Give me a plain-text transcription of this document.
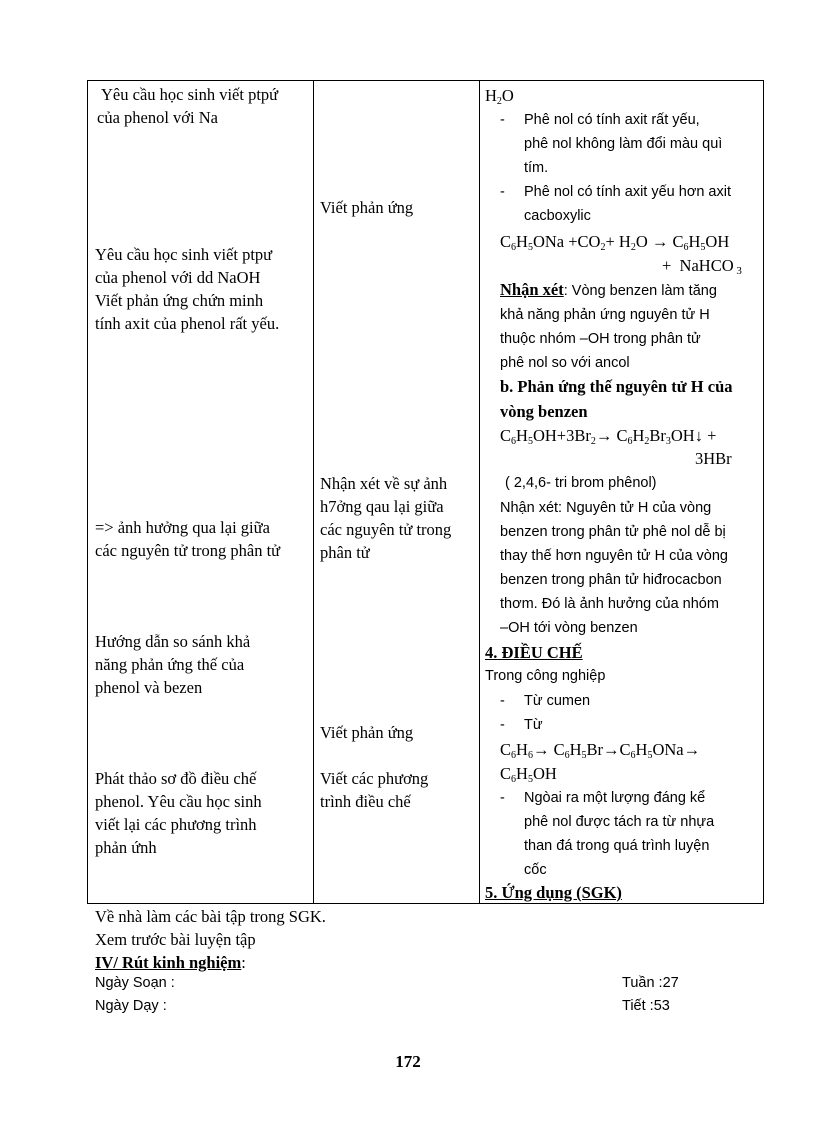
Yêu cầu học sinh viết ptpứ
của phenol với Na
Yêu cầu học sinh viết ptpư
của phenol với dd NaOH
Viết phản ứng chứn minh
tính axit của phenol rất yếu.
=> ảnh hưởng qua lại giữa
các nguyên tử trong phân tử
Hướng dẫn so sánh khả
năng phản ứng thế của
phenol và bezen
Phát thảo sơ đồ điều chế
phenol. Yêu cầu học sinh
viết lại các phương trình
phản ứnh
Viết phản ứng
Nhận xét về sự ảnh
h7ởng qau lại giữa
các nguyên tử trong
phân tử
Viết phản ứng
Viết các phương
trình điều chế
$H_2O$
- Phê nol có tính axit rất yếu,
phê nol không làm đổi màu quì
tím.
- Phê nol có tính axit yếu hơn axit
cacboxylic
$C_6H_5ONa +CO_2+ H_2O \to C_6H_5OH$
+  NaHCO $_3$
Nhận xét: Vòng benzen làm tăng
khả năng phản ứng nguyên tử H
thuộc nhóm –OH trong phân tử
phê nol so với ancol
b. Phản ứng thế nguyên tử H của
vòng benzen
$C_6H_5OH+3Br_2\to$ $C_6H_2Br_3OH↓$ +
3HBr
( 2,4,6- tri brom phênol)
Nhận xét: Nguyên tử H của vòng
benzen trong phân tử phê nol dễ bị
thay thế hơn nguyên tử H của vòng
benzen trong phân tử hiđrocacbon
thơm. Đó là ảnh hưởng của nhóm
–OH tới vòng benzen
4. ĐIỀU CHẾ
Trong công nghiệp
- Từ cumen
- Từ
$C_6H_6\to C_6H_5Br\to C_6H_5ONa\to$
$C_6H_5OH$
- Ngòai ra một lượng đáng kể
phê nol được tách ra từ nhựa
than đá trong quá trình luyện
cốc
5. Ứng dụng (SGK)
Về nhà làm các bài tập trong SGK.
Xem trước bài luyện tập
IV/ Rút kinh nghiệm:
Ngày Soạn :	Tuần :27
Ngày Dạy :	Tiết :53
172
